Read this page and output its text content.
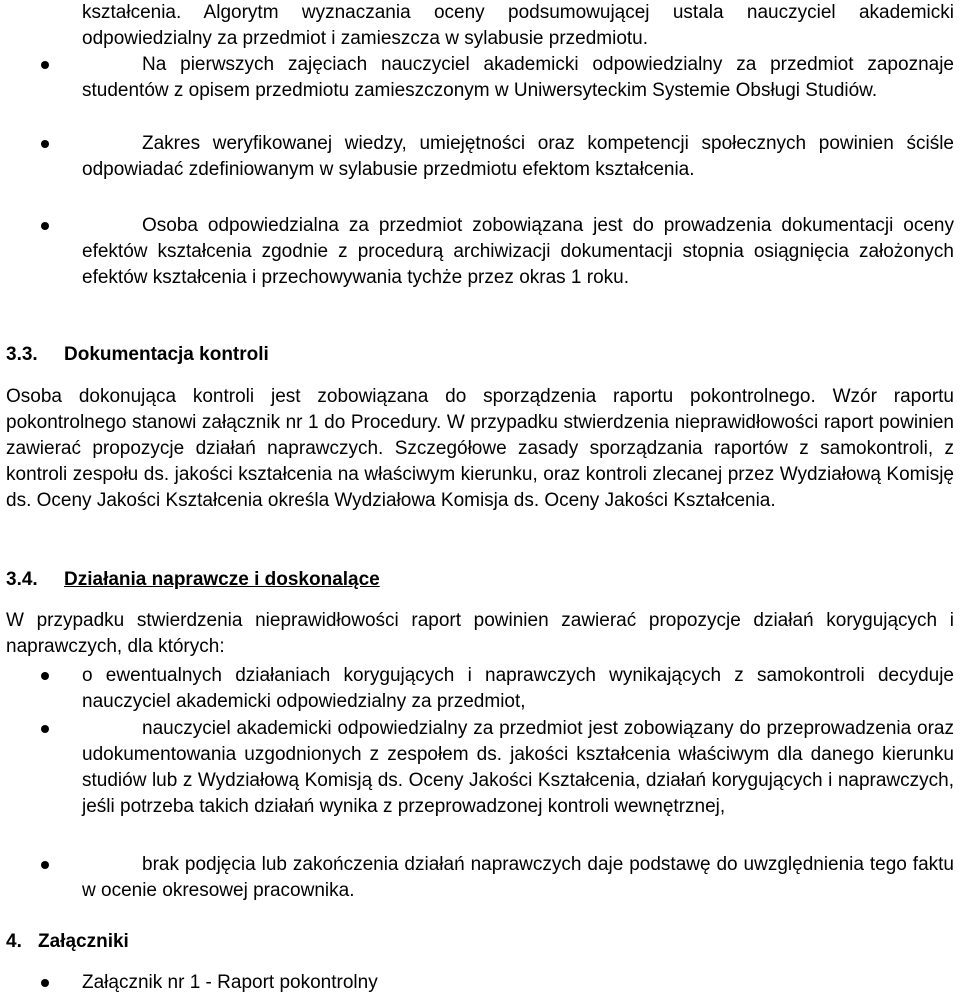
kształcenia. Algorytm wyznaczania oceny podsumowującej ustala nauczyciel akademicki odpowiedzialny za przedmiot i zamieszcza w sylabusie przedmiotu.
Na pierwszych zajęciach nauczyciel akademicki odpowiedzialny za przedmiot zapoznaje studentów z opisem przedmiotu zamieszczonym w Uniwersyteckim Systemie Obsługi Studiów.
Zakres weryfikowanej wiedzy, umiejętności oraz kompetencji społecznych powinien ściśle odpowiadać zdefiniowanym w sylabusie przedmiotu efektom kształcenia.
Osoba odpowiedzialna za przedmiot zobowiązana jest do prowadzenia dokumentacji oceny efektów kształcenia zgodnie z procedurą archiwizacji dokumentacji stopnia osiągnięcia założonych efektów kształcenia i przechowywania tychże przez okras 1 roku.
3.3. Dokumentacja kontroli
Osoba dokonująca kontroli jest zobowiązana do sporządzenia raportu pokontrolnego. Wzór raportu pokontrolnego stanowi załącznik nr 1 do Procedury. W przypadku stwierdzenia nieprawidłowości raport powinien zawierać propozycje działań naprawczych. Szczegółowe zasady sporządzania raportów z samokontroli, z kontroli zespołu ds. jakości kształcenia na właściwym kierunku, oraz kontroli zlecanej przez Wydziałową Komisję ds. Oceny Jakości Kształcenia określa Wydziałowa Komisja ds. Oceny Jakości Kształcenia.
3.4. Działania naprawcze i doskonalące
W przypadku stwierdzenia nieprawidłowości raport powinien zawierać propozycje działań korygujących i naprawczych, dla których:
o ewentualnych działaniach korygujących i naprawczych wynikających z samokontroli decyduje nauczyciel akademicki odpowiedzialny za przedmiot,
nauczyciel akademicki odpowiedzialny za przedmiot jest zobowiązany do przeprowadzenia oraz udokumentowania uzgodnionych z zespołem ds. jakości kształcenia właściwym dla danego kierunku studiów lub z Wydziałową Komisją ds. Oceny Jakości Kształcenia, działań korygujących i naprawczych, jeśli potrzeba takich działań wynika z przeprowadzonej kontroli wewnętrznej,
brak podjęcia lub zakończenia działań naprawczych daje podstawę do uwzględnienia tego faktu w ocenie okresowej pracownika.
4. Załączniki
Załącznik nr 1 - Raport pokontrolny
